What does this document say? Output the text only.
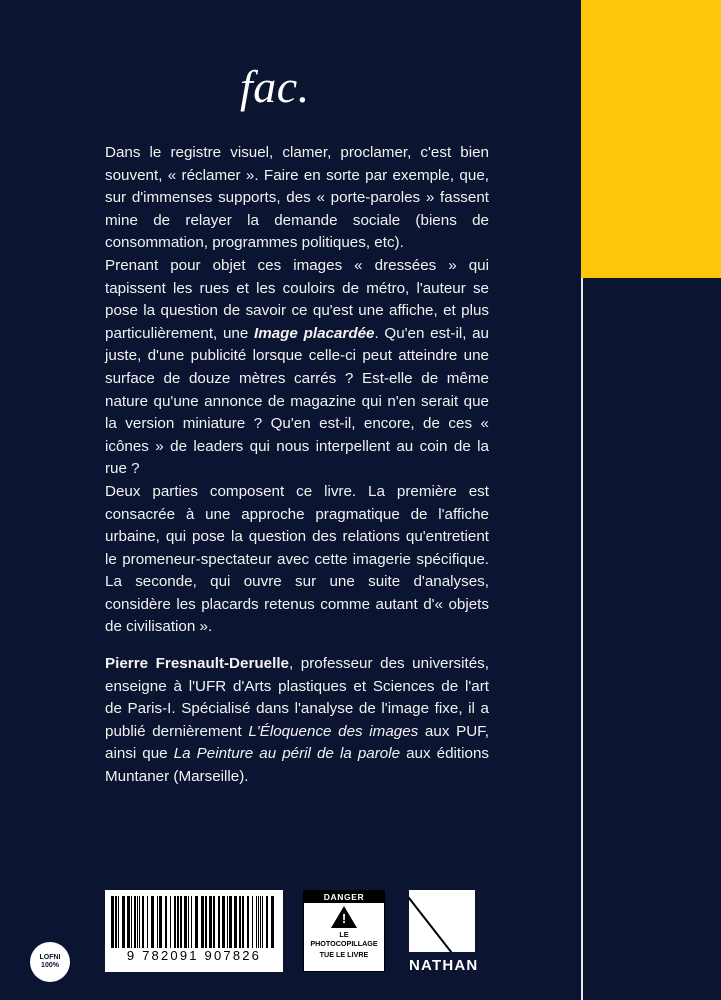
fac.

Dans le registre visuel, clamer, proclamer, c'est bien souvent, « réclamer ». Faire en sorte par exemple, que, sur d'immenses supports, des « porte-paroles » fassent mine de relayer la demande sociale (biens de consommation, programmes politiques, etc).

Prenant pour objet ces images « dressées » qui tapissent les rues et les couloirs de métro, l'auteur se pose la question de savoir ce qu'est une affiche, et plus particulièrement, une Image placardée. Qu'en est-il, au juste, d'une publicité lorsque celle-ci peut atteindre une surface de douze mètres carrés ? Est-elle de même nature qu'une annonce de magazine qui n'en serait que la version miniature ? Qu'en est-il, encore, de ces « icônes » de leaders qui nous interpellent au coin de la rue ?

Deux parties composent ce livre. La première est consacrée à une approche pragmatique de l'affiche urbaine, qui pose la question des relations qu'entretient le promeneur-spectateur avec cette imagerie spécifique. La seconde, qui ouvre sur une suite d'analyses, considère les placards retenus comme autant d'« objets de civilisation ».

Pierre Fresnault-Deruelle, professeur des universités, enseigne à l'UFR d'Arts plastiques et Sciences de l'art de Paris-I. Spécialisé dans l'analyse de l'image fixe, il a publié dernièrement L'Éloquence des images aux PUF, ainsi que La Peinture au péril de la parole aux éditions Muntaner (Marseille).

9 782091 907826
DANGER
!
LE PHOTOCOPILLAGE
TUE LE LIVRE
NATHAN
LOFNI
100%
